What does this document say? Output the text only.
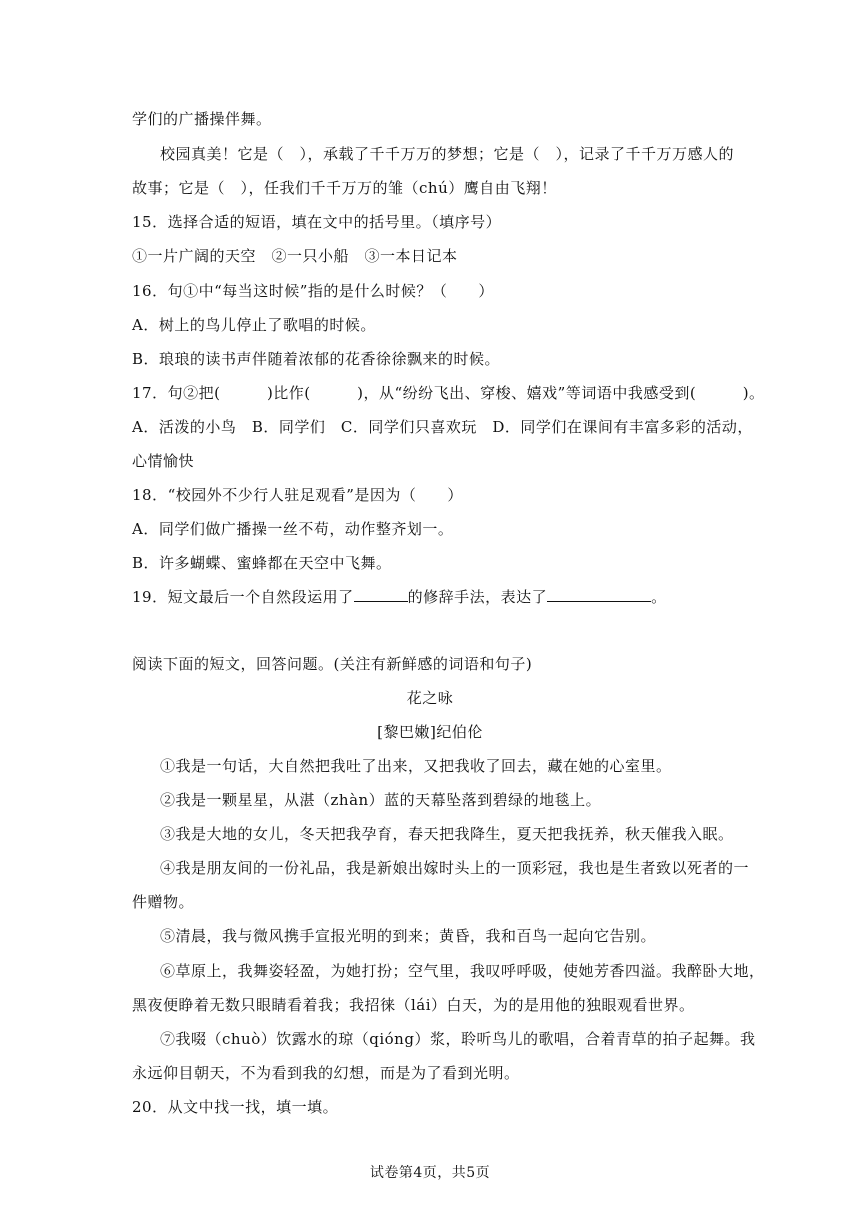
学们的广播操伴舞。
校园真美！它是（　），承载了千千万万的梦想；它是（　），记录了千千万万感人的
故事；它是（　），任我们千千万万的雏（chú）鹰自由飞翔！
15．选择合适的短语，填在文中的括号里。（填序号）
①一片广阔的天空　②一只小船　③一本日记本
16．句①中“每当这时候”指的是什么时候？（　　）
A．树上的鸟儿停止了歌唱的时候。
B．琅琅的读书声伴随着浓郁的花香徐徐飘来的时候。
17．句②把(　　　)比作(　　　)，从“纷纷飞出、穿梭、嬉戏”等词语中我感受到(　　　)。
A．活泼的小鸟　B．同学们　C．同学们只喜欢玩　D．同学们在课间有丰富多彩的活动，
心情愉快
18．“校园外不少行人驻足观看”是因为（　　）
A．同学们做广播操一丝不苟，动作整齐划一。
B．许多蝴蝶、蜜蜂都在天空中飞舞。
19．短文最后一个自然段运用了	的修辞手法，表达了	。
阅读下面的短文，回答问题。(关注有新鲜感的词语和句子)
花之咏
[黎巴嫩]纪伯伦
①我是一句话，大自然把我吐了出来，又把我收了回去，藏在她的心室里。
②我是一颗星星，从湛（zhàn）蓝的天幕坠落到碧绿的地毯上。
③我是大地的女儿，冬天把我孕育，春天把我降生，夏天把我抚养，秋天催我入眠。
④我是朋友间的一份礼品，我是新娘出嫁时头上的一顶彩冠，我也是生者致以死者的一
件赠物。
⑤清晨，我与微风携手宣报光明的到来；黄昏，我和百鸟一起向它告别。
⑥草原上，我舞姿轻盈，为她打扮；空气里，我叹呼呼吸，使她芳香四溢。我醉卧大地，
黑夜便睁着无数只眼睛看着我；我招徕（lái）白天，为的是用他的独眼观看世界。
⑦我啜（chuò）饮露水的琼（qióng）浆，聆听鸟儿的歌唱，合着青草的拍子起舞。我
永远仰目朝天，不为看到我的幻想，而是为了看到光明。
20．从文中找一找，填一填。
试卷第4页，共5页
